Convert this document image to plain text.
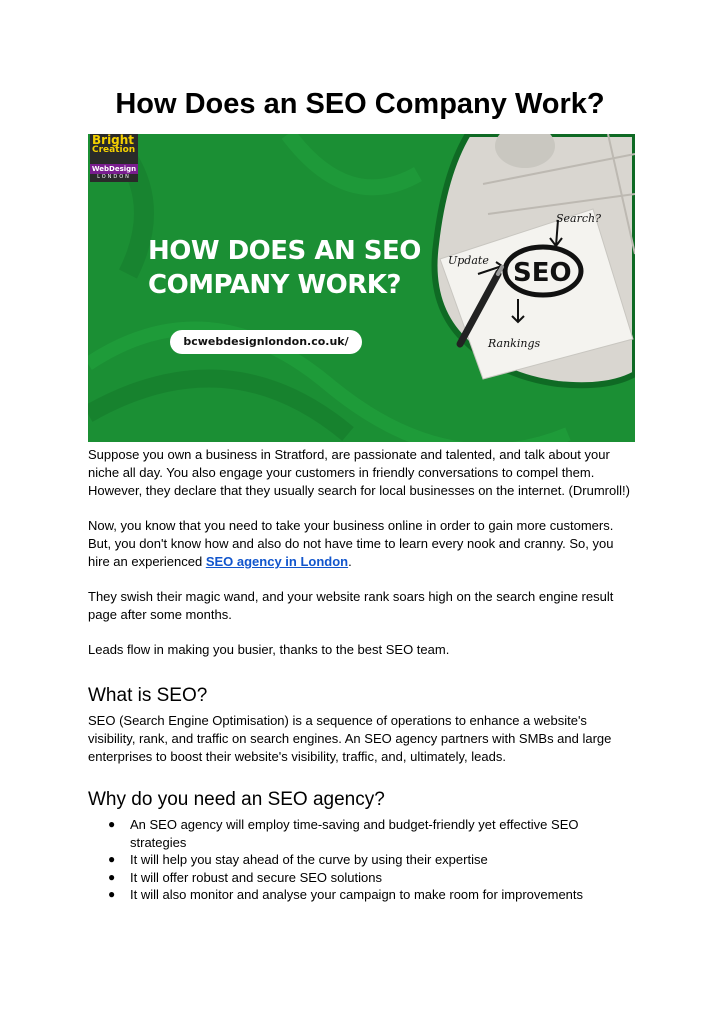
How Does an SEO Company Work?
Search?
Update SEO
Rankings
Bright
Creation
WebDesign
LONDON
HOW DOES AN SEO
COMPANY WORK?
bcwebdesignlondon.co.uk/

Suppose you own a business in Stratford, are passionate and talented, and talk about your niche all day. You also engage your customers in friendly conversations to compel them. However, they declare that they usually search for local businesses on the internet. (Drumroll!)

Now, you know that you need to take your business online in order to gain more customers. But, you don't know how and also do not have time to learn every nook and cranny. So, you hire an experienced SEO agency in London.

They swish their magic wand, and your website rank soars high on the search engine result page after some months.

Leads flow in making you busier, thanks to the best SEO team.

What is SEO?

SEO (Search Engine Optimisation) is a sequence of operations to enhance a website's visibility, rank, and traffic on search engines. An SEO agency partners with SMBs and large enterprises to boost their website's visibility, traffic, and, ultimately, leads.

Why do you need an SEO agency?
● An SEO agency will employ time-saving and budget-friendly yet effective SEO strategies
● It will help you stay ahead of the curve by using their expertise
● It will offer robust and secure SEO solutions
● It will also monitor and analyse your campaign to make room for improvements
